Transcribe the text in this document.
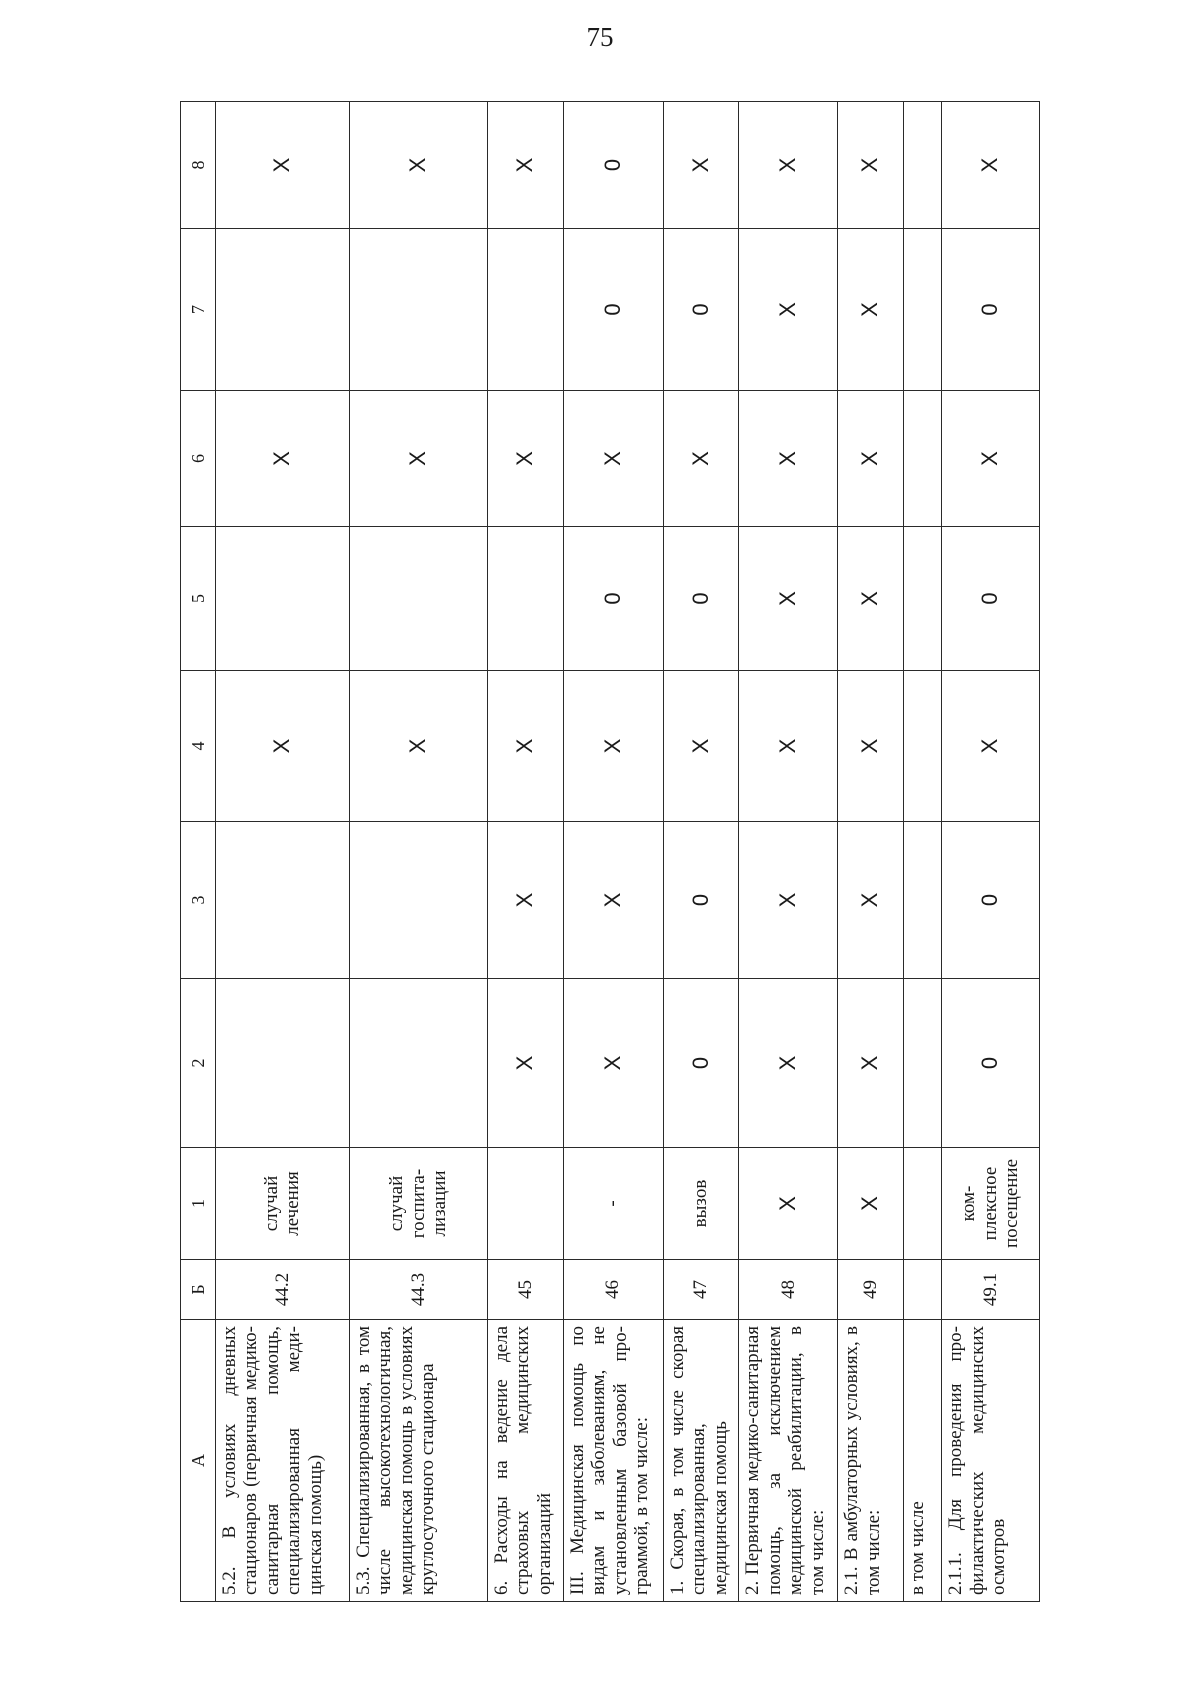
75
А	Б	1	2	3	4	5	6	7	8
5.2. В условиях дневных стационаров (первичная медико-санитарная помощь, специализированная медицинская помощь)	44.2	случай лечения			X		X		X
5.3. Специализированная, в том числе высокотехнологичная, медицинская помощь в условиях круглосуточного стационара	44.3	случай госпитализации			X		X		X
6. Расходы на ведение дела страховых медицинских организаций	45		X	X	X		X		X
III. Медицинская помощь по видам и заболеваниям, не установленным базовой программой, в том числе:	46	-	X	X	X	0	X	0	0
1. Скорая, в том числе скорая специализированная, медицинская помощь	47	вызов	0	0	X	0	X	0	X
2. Первичная медико-санитарная помощь, за исключением медицинской реабилитации, в том числе:	48	X	X	X	X	X	X	X	X
2.1. В амбулаторных условиях, в том числе:	49	X	X	X	X	X	X	X	X
в том числе									
2.1.1. Для проведения профилактических медицинских осмотров	49.1	комплексное посещение	0	0	X	0	X	0	X
